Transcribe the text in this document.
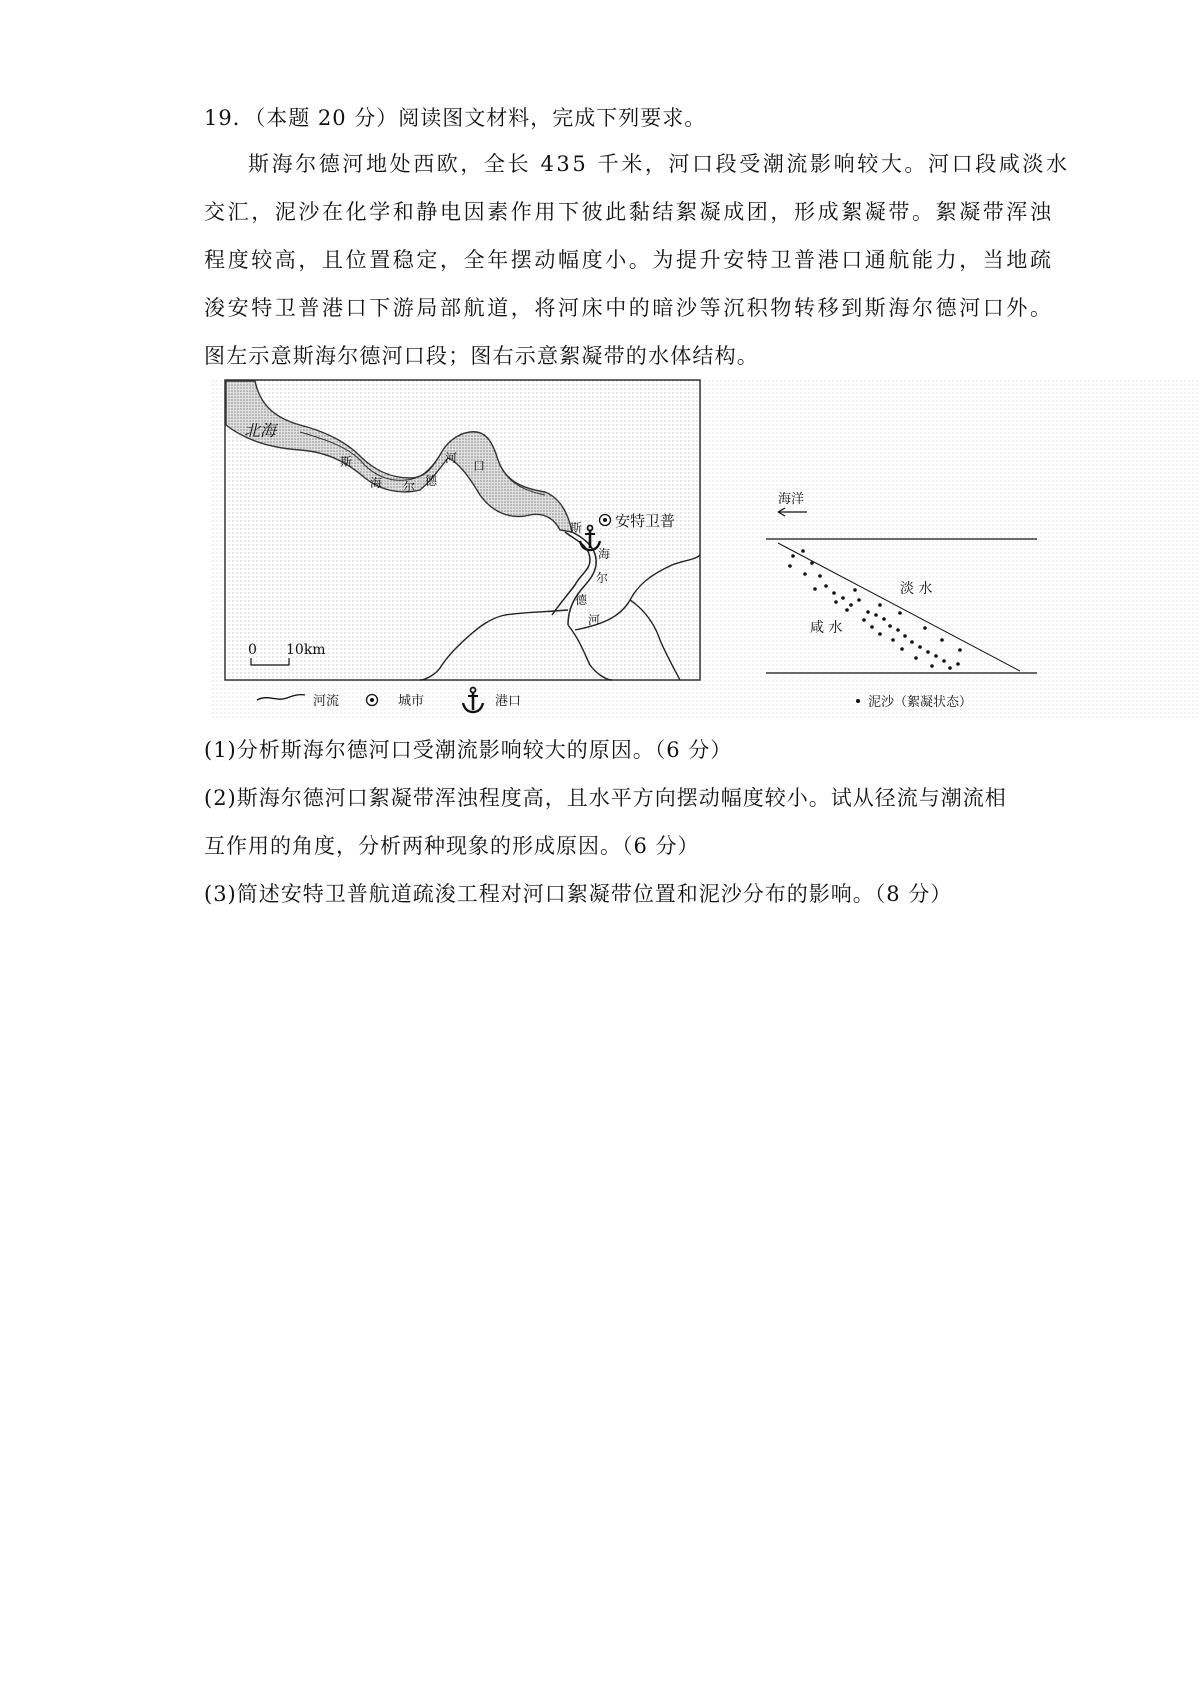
19．（本题 20 分）阅读图文材料，完成下列要求。
斯海尔德河地处西欧，全长 435 千米，河口段受潮流影响较大。河口段咸淡水
交汇，泥沙在化学和静电因素作用下彼此黏结絮凝成团，形成絮凝带。絮凝带浑浊
程度较高，且位置稳定，全年摆动幅度小。为提升安特卫普港口通航能力，当地疏
浚安特卫普港口下游局部航道，将河床中的暗沙等沉积物转移到斯海尔德河口外。
图左示意斯海尔德河口段；图右示意絮凝带的水体结构。
北海
斯
海 尔 德
河
口
斯
海
尔
德
河
安特卫普
0 10km
河流	城市	港口
海洋
淡 水
咸 水
泥沙（絮凝状态）
(1)分析斯海尔德河口受潮流影响较大的原因。（6 分）
(2)斯海尔德河口絮凝带浑浊程度高，且水平方向摆动幅度较小。试从径流与潮流相
互作用的角度，分析两种现象的形成原因。（6 分）
(3)简述安特卫普航道疏浚工程对河口絮凝带位置和泥沙分布的影响。（8 分）
